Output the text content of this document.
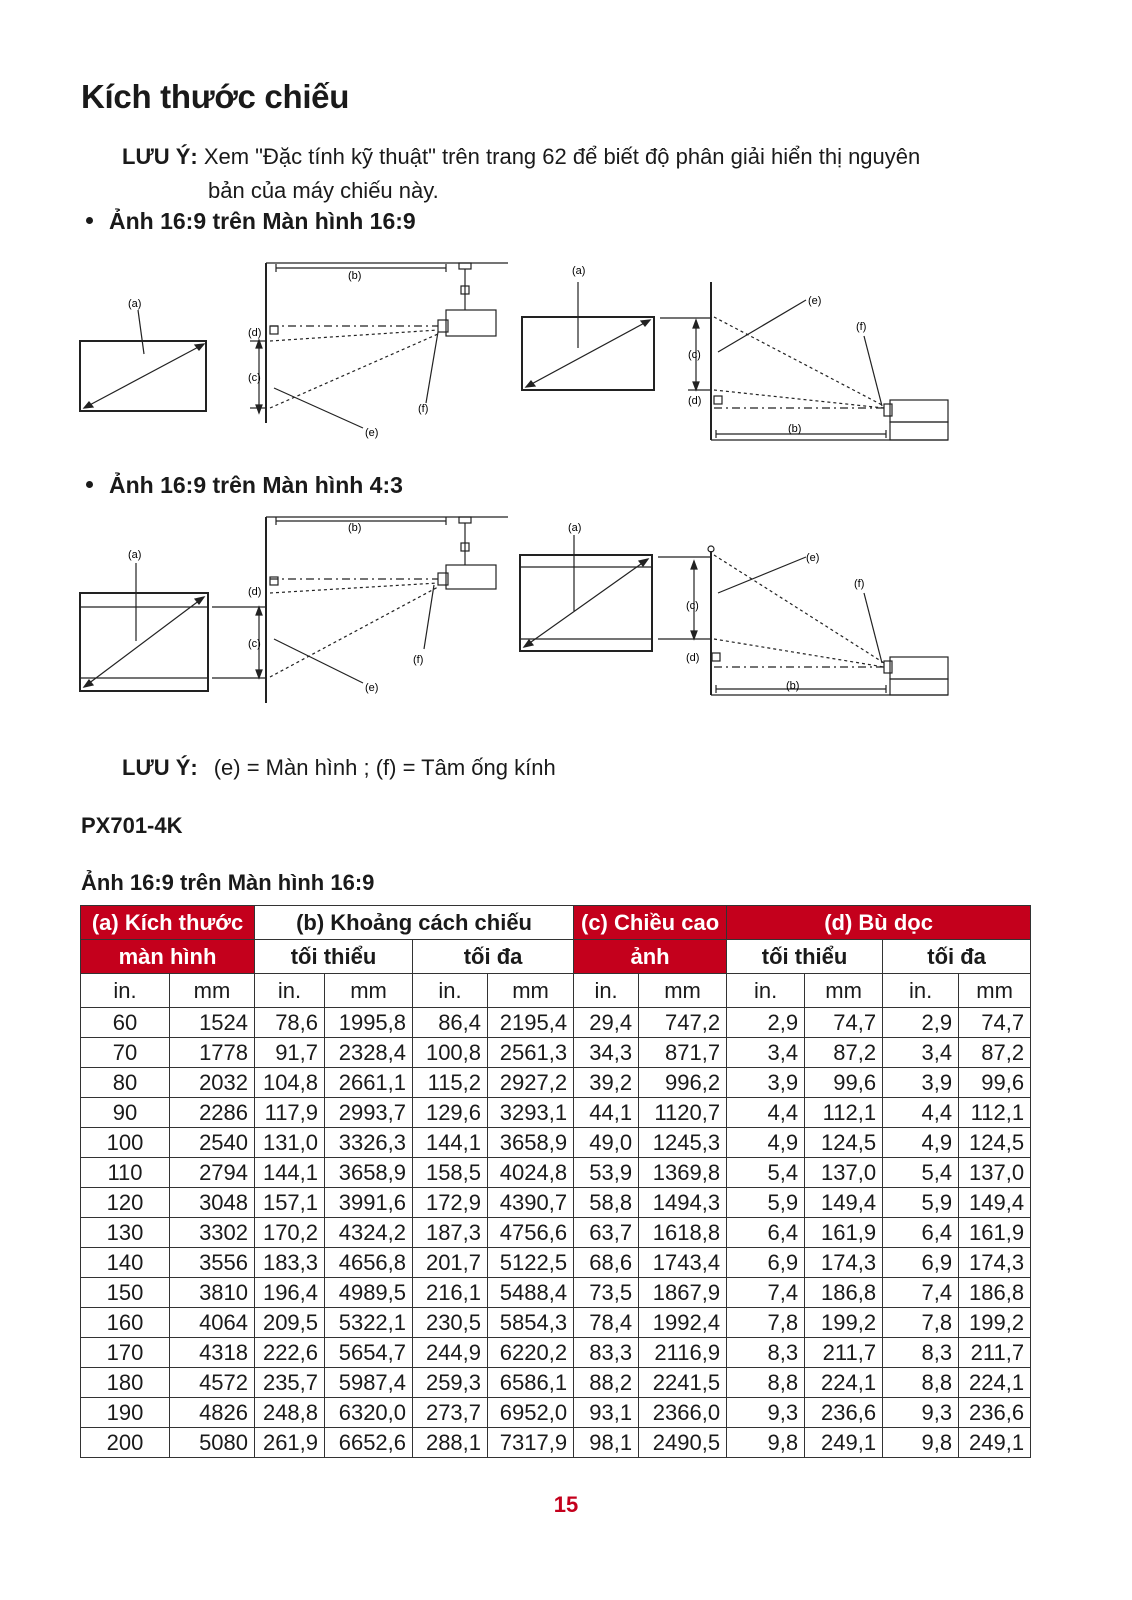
Kích thước chiếu
LƯU Ý: Xem "Đặc tính kỹ thuật" trên trang 62 để biết độ phân giải hiển thị nguyên
bản của máy chiếu này.
Ảnh 16:9 trên Màn hình 16:9
(b)
(a)
(d)
(c)
(f)
(e)
(a)
(e)
(f)
(c)
(d)
(b)
Ảnh 16:9 trên Màn hình 4:3
(b)
(a)
(d)
(c)
(f)
(e)
(a)
(e)
(f)
(c)
(d)
(b)
LƯU Ý: (e) = Màn hình ; (f) = Tâm ống kính
PX701-4K
Ảnh 16:9 trên Màn hình 16:9
(a) Kích thước		(b) Khoảng cách chiếu				(c) Chiều cao		(d) Bù dọc			
màn hình		tối thiểu		tối đa		ảnh		tối thiểu		tối đa	
in.	mm	in.	mm	in.	mm	in.	mm	in.	mm	in.	mm
60	1524	78,6	1995,8	86,4	2195,4	29,4	747,2	2,9	74,7	2,9	74,7
70	1778	91,7	2328,4	100,8	2561,3	34,3	871,7	3,4	87,2	3,4	87,2
80	2032	104,8	2661,1	115,2	2927,2	39,2	996,2	3,9	99,6	3,9	99,6
90	2286	117,9	2993,7	129,6	3293,1	44,1	1120,7	4,4	112,1	4,4	112,1
100	2540	131,0	3326,3	144,1	3658,9	49,0	1245,3	4,9	124,5	4,9	124,5
110	2794	144,1	3658,9	158,5	4024,8	53,9	1369,8	5,4	137,0	5,4	137,0
120	3048	157,1	3991,6	172,9	4390,7	58,8	1494,3	5,9	149,4	5,9	149,4
130	3302	170,2	4324,2	187,3	4756,6	63,7	1618,8	6,4	161,9	6,4	161,9
140	3556	183,3	4656,8	201,7	5122,5	68,6	1743,4	6,9	174,3	6,9	174,3
150	3810	196,4	4989,5	216,1	5488,4	73,5	1867,9	7,4	186,8	7,4	186,8
160	4064	209,5	5322,1	230,5	5854,3	78,4	1992,4	7,8	199,2	7,8	199,2
170	4318	222,6	5654,7	244,9	6220,2	83,3	2116,9	8,3	211,7	8,3	211,7
180	4572	235,7	5987,4	259,3	6586,1	88,2	2241,5	8,8	224,1	8,8	224,1
190	4826	248,8	6320,0	273,7	6952,0	93,1	2366,0	9,3	236,6	9,3	236,6
200	5080	261,9	6652,6	288,1	7317,9	98,1	2490,5	9,8	249,1	9,8	249,1
15
